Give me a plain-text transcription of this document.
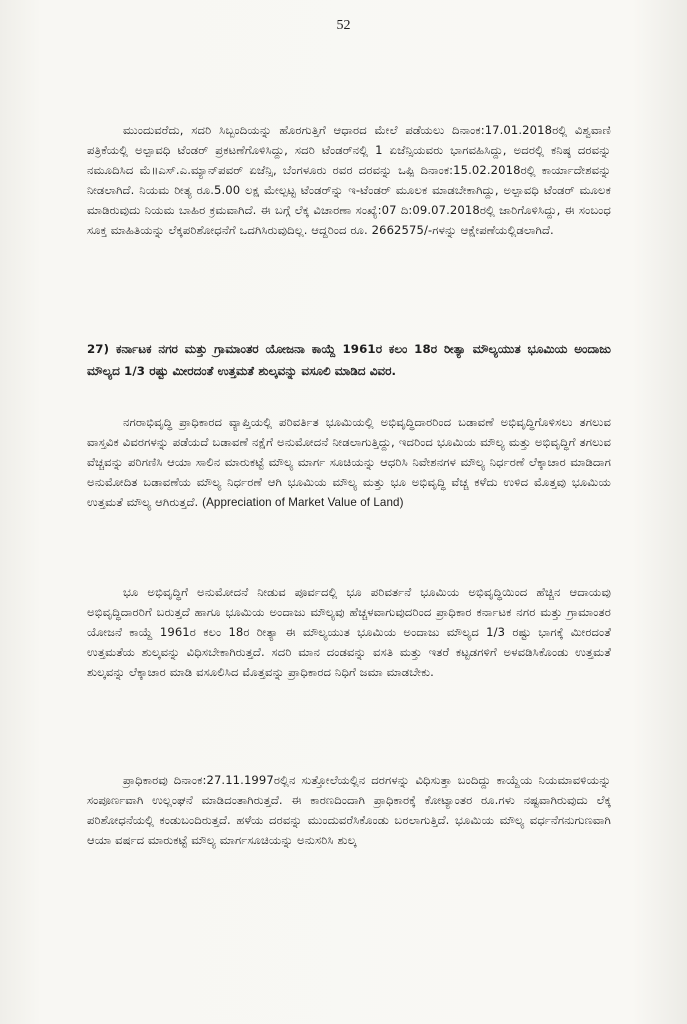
52

ಮುಂದುವರೆದು, ಸದರಿ ಸಿಬ್ಬಂದಿಯನ್ನು ಹೊರಗುತ್ತಿಗೆ ಆಧಾರದ ಮೇಲೆ ಪಡೆಯಲು ದಿನಾಂಕ:17.01.2018ರಲ್ಲಿ ವಿಶ್ವವಾಣಿ ಪತ್ರಿಕೆಯಲ್ಲಿ ಅಲ್ಪಾವಧಿ ಟೆಂಡರ್ ಪ್ರಕಟಣೆಗೊಳಿಸಿದ್ದು, ಸದರಿ ಟೆಂಡರ್‌ನಲ್ಲಿ 1 ಏಜೆನ್ಸಿಯವರು ಭಾಗವಹಿಸಿದ್ದು, ಅದರಲ್ಲಿ ಕನಿಷ್ಠ ದರವನ್ನು ನಮೂದಿಸಿದ ಮೆ॥ಎಸ್.ಎ.ಮ್ಯಾನ್‌ಪವರ್ ಏಜೆನ್ಸಿ, ಬೆಂಗಳೂರು ರವರ ದರವನ್ನು ಒಪ್ಪಿ ದಿನಾಂಕ:15.02.2018ರಲ್ಲಿ ಕಾರ್ಯಾದೇಶವನ್ನು ನೀಡಲಾಗಿದೆ. ನಿಯಮ ರೀತ್ಯ ರೂ.5.00 ಲಕ್ಷ ಮೇಲ್ಪಟ್ಟ ಟೆಂಡರ್‌ನ್ನು ಇ-ಟೆಂಡರ್ ಮೂಲಕ ಮಾಡಬೇಕಾಗಿದ್ದು, ಅಲ್ಪಾವಧಿ ಟೆಂಡರ್ ಮೂಲಕ ಮಾಡಿರುವುದು ನಿಯಮ ಬಾಹಿರ ಕ್ರಮವಾಗಿದೆ. ಈ ಬಗ್ಗೆ ಲೆಕ್ಕ ವಿಚಾರಣಾ ಸಂಖ್ಯೆ:07 ದಿ:09.07.2018ರಲ್ಲಿ ಜಾರಿಗೊಳಿಸಿದ್ದು, ಈ ಸಂಬಂಧ ಸೂಕ್ತ ಮಾಹಿತಿಯನ್ನು ಲೆಕ್ಕಪರಿಶೋಧನೆಗೆ ಒದಗಿಸಿರುವುದಿಲ್ಲ. ಆದ್ದರಿಂದ ರೂ. 2662575/-ಗಳನ್ನು ಆಕ್ಷೇಪಣೆಯಲ್ಲಿಡಲಾಗಿದೆ.

27) ಕರ್ನಾಟಕ ನಗರ ಮತ್ತು ಗ್ರಾಮಾಂತರ ಯೋಜನಾ ಕಾಯ್ದೆ 1961ರ ಕಲಂ 18ರ ರೀತ್ಯಾ ಮೌಲ್ಯಯುತ ಭೂಮಿಯ ಅಂದಾಜು ಮೌಲ್ಯದ 1/3 ರಷ್ಟು ಮೀರದಂತೆ ಉತ್ತಮತೆ ಶುಲ್ಕವನ್ನು ವಸೂಲಿ ಮಾಡಿದ ವಿವರ.

ನಗರಾಭಿವೃದ್ಧಿ ಪ್ರಾಧಿಕಾರದ ವ್ಯಾಪ್ತಿಯಲ್ಲಿ ಪರಿವರ್ತಿತ ಭೂಮಿಯಲ್ಲಿ ಅಭಿವೃದ್ಧಿದಾರರಿಂದ ಬಡಾವಣೆ ಅಭಿವೃದ್ಧಿಗೊಳಿಸಲು ತಗಲುವ ವಾಸ್ತವಿಕ ವಿವರಗಳನ್ನು ಪಡೆಯದೆ ಬಡಾವಣೆ ನಕ್ಷೆಗೆ ಅನುಮೋದನೆ ನೀಡಲಾಗುತ್ತಿದ್ದು, ಇದರಿಂದ ಭೂಮಿಯ ಮೌಲ್ಯ ಮತ್ತು ಅಭಿವೃದ್ಧಿಗೆ ತಗಲುವ ವೆಚ್ಚವನ್ನು ಪರಿಗಣಿಸಿ ಆಯಾ ಸಾಲಿನ ಮಾರುಕಟ್ಟೆ ಮೌಲ್ಯ ಮಾರ್ಗ ಸೂಚಿಯನ್ನು ಆಧರಿಸಿ ನಿವೇಶನಗಳ ಮೌಲ್ಯ ನಿರ್ಧರಣೆ ಲೆಕ್ಕಾಚಾರ ಮಾಡಿದಾಗ ಅನುಮೋದಿತ ಬಡಾವಣೆಯ ಮೌಲ್ಯ ನಿರ್ಧರಣೆ ಆಗಿ ಭೂಮಿಯ ಮೌಲ್ಯ ಮತ್ತು ಭೂ ಅಭಿವೃದ್ಧಿ ವೆಚ್ಚ ಕಳೆದು ಉಳಿದ ಮೊತ್ತವು ಭೂಮಿಯ ಉತ್ತಮತೆ ಮೌಲ್ಯ ಆಗಿರುತ್ತದೆ. (Appreciation of Market Value of Land)

ಭೂ ಅಭಿವೃದ್ಧಿಗೆ ಅನುಮೋದನೆ ನೀಡುವ ಪೂರ್ವದಲ್ಲಿ ಭೂ ಪರಿವರ್ತನೆ ಭೂಮಿಯ ಅಭಿವೃದ್ಧಿಯಿಂದ ಹೆಚ್ಚಿನ ಆದಾಯವು ಅಭಿವೃದ್ಧಿದಾರರಿಗೆ ಬರುತ್ತದೆ ಹಾಗೂ ಭೂಮಿಯ ಅಂದಾಜು ಮೌಲ್ಯವು ಹೆಚ್ಚಳವಾಗುವುದರಿಂದ ಪ್ರಾಧಿಕಾರ ಕರ್ನಾಟಕ ನಗರ ಮತ್ತು ಗ್ರಾಮಾಂತರ ಯೋಜನೆ ಕಾಯ್ದೆ 1961ರ ಕಲಂ 18ರ ರೀತ್ಯಾ ಈ ಮೌಲ್ಯಯುತ ಭೂಮಿಯ ಅಂದಾಜು ಮೌಲ್ಯದ 1/3 ರಷ್ಟು ಭಾಗಕ್ಕೆ ಮೀರದಂತೆ ಉತ್ತಮತೆಯ ಶುಲ್ಕವನ್ನು ವಿಧಿಸಬೇಕಾಗಿರುತ್ತದೆ. ಸದರಿ ಮಾನ ದಂಡವನ್ನು ವಸತಿ ಮತ್ತು ಇತರೆ ಕಟ್ಟಡಗಳಿಗೆ ಅಳವಡಿಸಿಕೊಂಡು ಉತ್ತಮತೆ ಶುಲ್ಕವನ್ನು ಲೆಕ್ಕಾಚಾರ ಮಾಡಿ ವಸೂಲಿಸಿದ ಮೊತ್ತವನ್ನು ಪ್ರಾಧಿಕಾರದ ನಿಧಿಗೆ ಜಮಾ ಮಾಡಬೇಕು.

ಪ್ರಾಧಿಕಾರವು ದಿನಾಂಕ:27.11.1997ರಲ್ಲಿನ ಸುತ್ತೋಲೆಯಲ್ಲಿನ ದರಗಳನ್ನು ವಿಧಿಸುತ್ತಾ ಬಂದಿದ್ದು ಕಾಯ್ದೆಯ ನಿಯಮಾವಳಿಯನ್ನು ಸಂಪೂರ್ಣವಾಗಿ ಉಲ್ಲಂಘನೆ ಮಾಡಿದಂತಾಗಿರುತ್ತದೆ. ಈ ಕಾರಣದಿಂದಾಗಿ ಪ್ರಾಧಿಕಾರಕ್ಕೆ ಕೋಟ್ಯಾಂತರ ರೂ.ಗಳು ನಷ್ಟವಾಗಿರುವುದು ಲೆಕ್ಕ ಪರಿಶೋಧನೆಯಲ್ಲಿ ಕಂಡುಬಂದಿರುತ್ತದೆ. ಹಳೆಯ ದರವನ್ನು ಮುಂದುವರೆಸಿಕೊಂಡು ಬರಲಾಗುತ್ತಿದೆ. ಭೂಮಿಯ ಮೌಲ್ಯ ವರ್ಧನೆಗನುಗುಣವಾಗಿ ಆಯಾ ವರ್ಷದ ಮಾರುಕಟ್ಟೆ ಮೌಲ್ಯ ಮಾರ್ಗಸೂಚಿಯನ್ನು ಅನುಸರಿಸಿ ಶುಲ್ಕ
